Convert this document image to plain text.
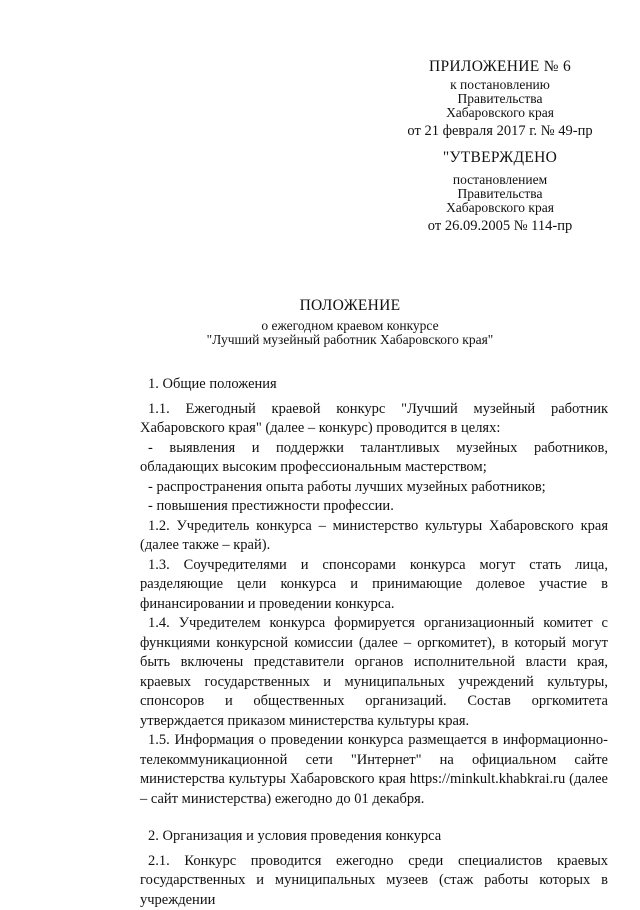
ПРИЛОЖЕНИЕ № 6
к постановлению
Правительства
Хабаровского края
от 21 февраля 2017 г. № 49-пр
"УТВЕРЖДЕНО
постановлением
Правительства
Хабаровского края
от 26.09.2005 № 114-пр
ПОЛОЖЕНИЕ
о ежегодном краевом конкурсе
"Лучший музейный работник Хабаровского края"

1. Общие положения

1.1. Ежегодный краевой конкурс "Лучший музейный работник Хабаровского края" (далее – конкурс) проводится в целях:

- выявления и поддержки талантливых музейных работников, обладающих высоким профессиональным мастерством;

- распространения опыта работы лучших музейных работников;

- повышения престижности профессии.

1.2. Учредитель конкурса – министерство культуры Хабаровского края (далее также – край).

1.3. Соучредителями и спонсорами конкурса могут стать лица, разделяющие цели конкурса и принимающие долевое участие в финансировании и проведении конкурса.

1.4. Учредителем конкурса формируется организационный комитет с функциями конкурсной комиссии (далее – оргкомитет), в который могут быть включены представители органов исполнительной власти края, краевых государственных и муниципальных учреждений культуры, спонсоров и общественных организаций. Состав оргкомитета утверждается приказом министерства культуры края.

1.5. Информация о проведении конкурса размещается в информационно-телекоммуникационной сети "Интернет" на официальном сайте министерства культуры Хабаровского края https://minkult.khabkrai.ru (далее – сайт министерства) ежегодно до 01 декабря.

2. Организация и условия проведения конкурса

2.1. Конкурс проводится ежегодно среди специалистов краевых государственных и муниципальных музеев (стаж работы которых в учреждении
